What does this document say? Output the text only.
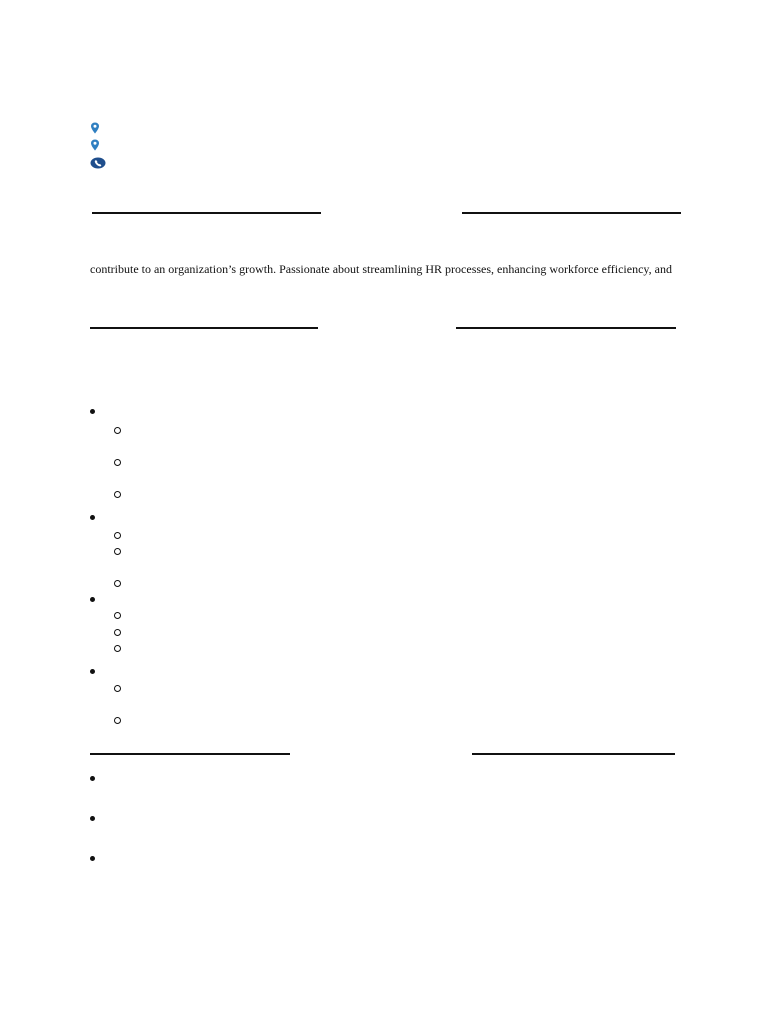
contribute to an organization’s growth. Passionate about streamlining HR processes, enhancing workforce efficiency, and
